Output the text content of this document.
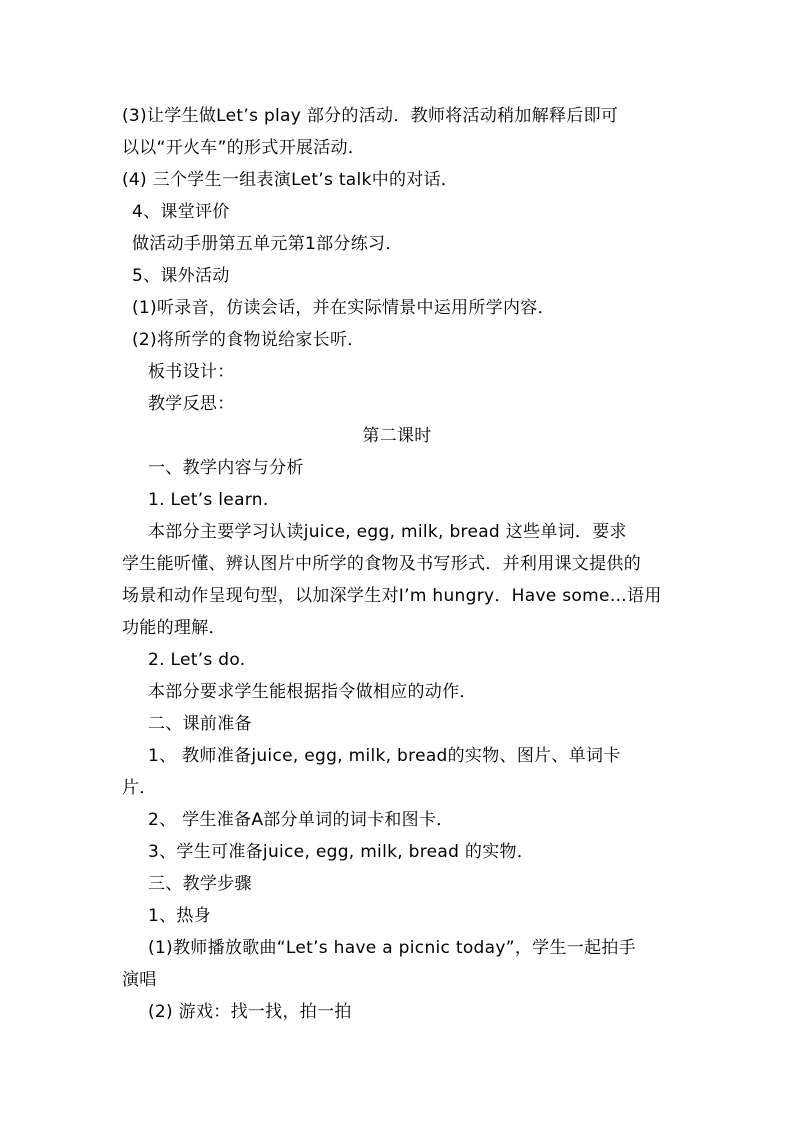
(3)让学生做Let’s play 部分的活动．教师将活动稍加解释后即可
以以“开火车”的形式开展活动．
(4) 三个学生一组表演Let’s talk中的对话．
4、课堂评价
做活动手册第五单元第1部分练习．
5、课外活动
(1)听录音，仿读会话，并在实际情景中运用所学内容．
(2)将所学的食物说给家长听．
板书设计：
教学反思：
第二课时
一、教学内容与分析
1. Let’s learn.
本部分主要学习认读juice, egg, milk, bread 这些单词．要求
学生能听懂、辨认图片中所学的食物及书写形式．并利用课文提供的
场景和动作呈现句型，以加深学生对I’m hungry．Have some…语用
功能的理解．
2. Let’s do.
本部分要求学生能根据指令做相应的动作．
二、课前准备
1、 教师准备juice, egg, milk, bread的实物、图片、单词卡
片．
2、 学生准备A部分单词的词卡和图卡．
3、学生可准备juice, egg, milk, bread 的实物．
三、教学步骤
1、热身
(1)教师播放歌曲“Let’s have a picnic today”，学生一起拍手
演唱
(2) 游戏：找一找，拍一拍
